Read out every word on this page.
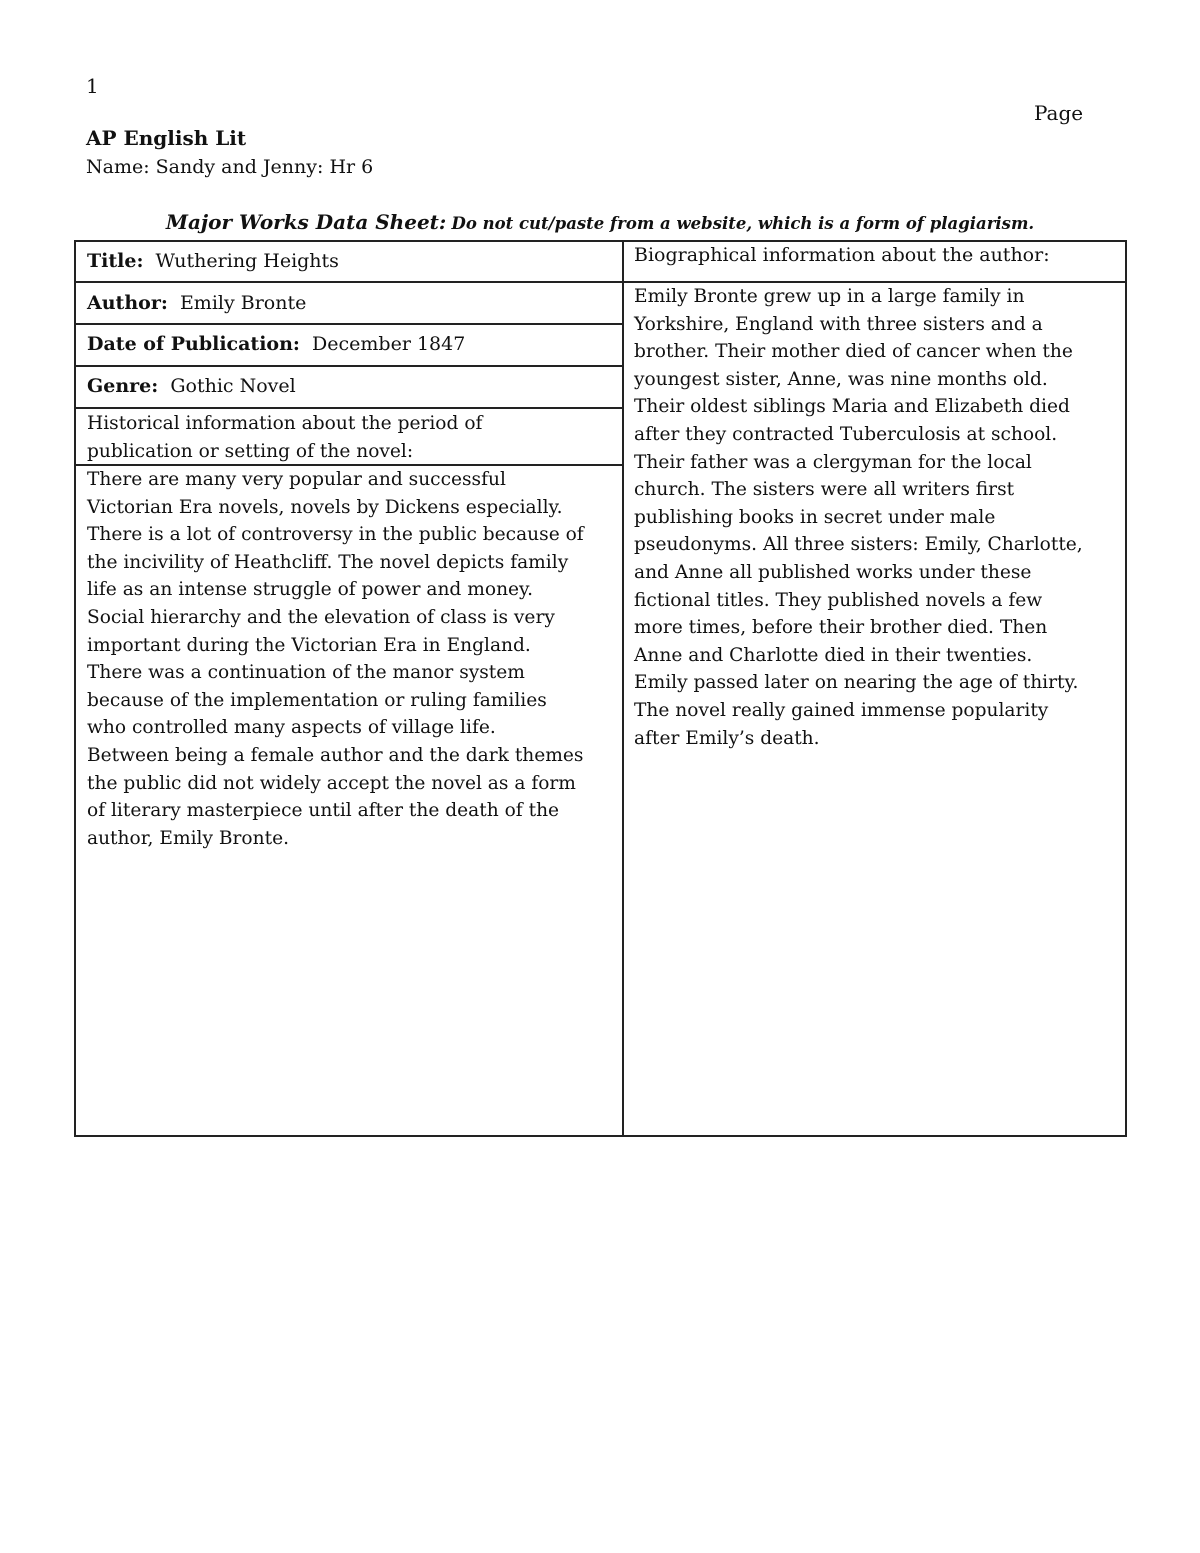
1
Page
AP English Lit
Name: Sandy and Jenny: Hr 6
Major Works Data Sheet: Do not cut/paste from a website, which is a form of plagiarism.
Title: Wuthering Heights
Author: Emily Bronte
Date of Publication: December 1847
Genre: Gothic Novel
Historical information about the period of
publication or setting of the novel:
There are many very popular and successful
Victorian Era novels, novels by Dickens especially.
There is a lot of controversy in the public because of
the incivility of Heathcliff. The novel depicts family
life as an intense struggle of power and money.
Social hierarchy and the elevation of class is very
important during the Victorian Era in England.
There was a continuation of the manor system
because of the implementation or ruling families
who controlled many aspects of village life.
Between being a female author and the dark themes
the public did not widely accept the novel as a form
of literary masterpiece until after the death of the
author, Emily Bronte.
Biographical information about the author:
Emily Bronte grew up in a large family in
Yorkshire, England with three sisters and a
brother. Their mother died of cancer when the
youngest sister, Anne, was nine months old.
Their oldest siblings Maria and Elizabeth died
after they contracted Tuberculosis at school.
Their father was a clergyman for the local
church. The sisters were all writers first
publishing books in secret under male
pseudonyms. All three sisters: Emily, Charlotte,
and Anne all published works under these
fictional titles. They published novels a few
more times, before their brother died. Then
Anne and Charlotte died in their twenties.
Emily passed later on nearing the age of thirty.
The novel really gained immense popularity
after Emily’s death.
